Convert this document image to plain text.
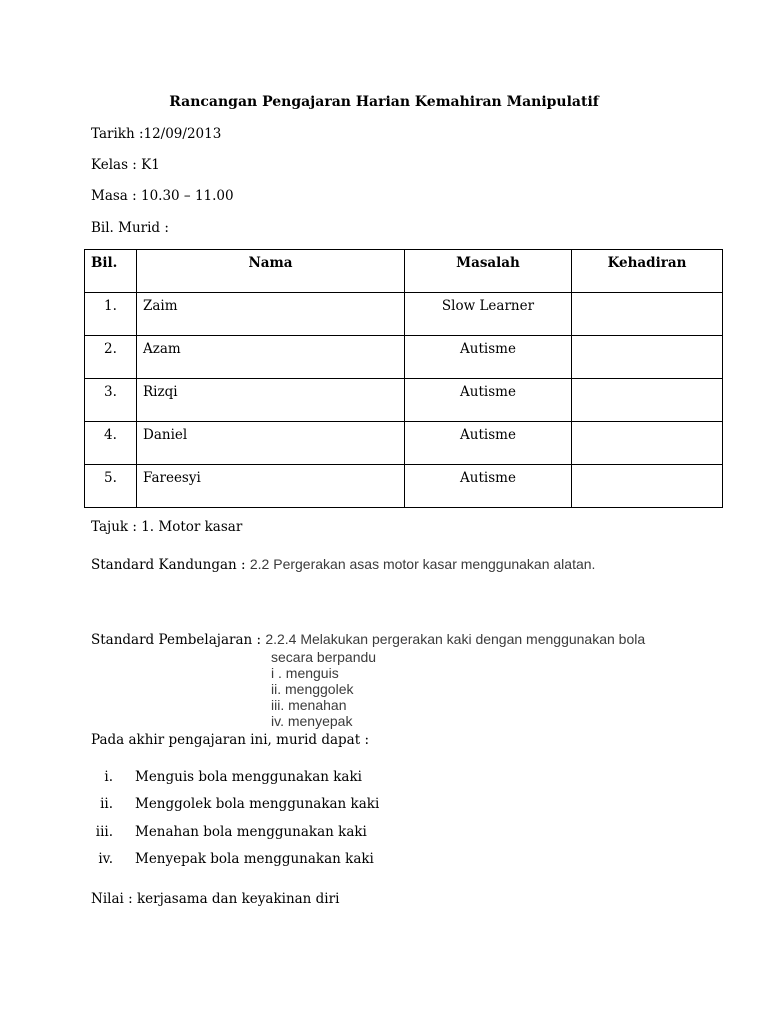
Rancangan Pengajaran Harian Kemahiran Manipulatif
Tarikh :12/09/2013
Kelas : K1
Masa : 10.30 – 11.00
Bil. Murid :
Bil.	Nama	Masalah	Kehadiran
1.	Zaim	Slow Learner	
2.	Azam	Autisme	
3.	Rizqi	Autisme	
4.	Daniel	Autisme	
5.	Fareesyi	Autisme	
Tajuk : 1. Motor kasar
Standard Kandungan : 2.2 Pergerakan asas motor kasar menggunakan alatan.
Standard Pembelajaran : 2.2.4 Melakukan pergerakan kaki dengan menggunakan bola
secara berpandu
i . menguis
ii. menggolek
iii. menahan
iv. menyepak
Pada akhir pengajaran ini, murid dapat :
i. Menguis bola menggunakan kaki
ii. Menggolek bola menggunakan kaki
iii. Menahan bola menggunakan kaki
iv. Menyepak bola menggunakan kaki
Nilai : kerjasama dan keyakinan diri
